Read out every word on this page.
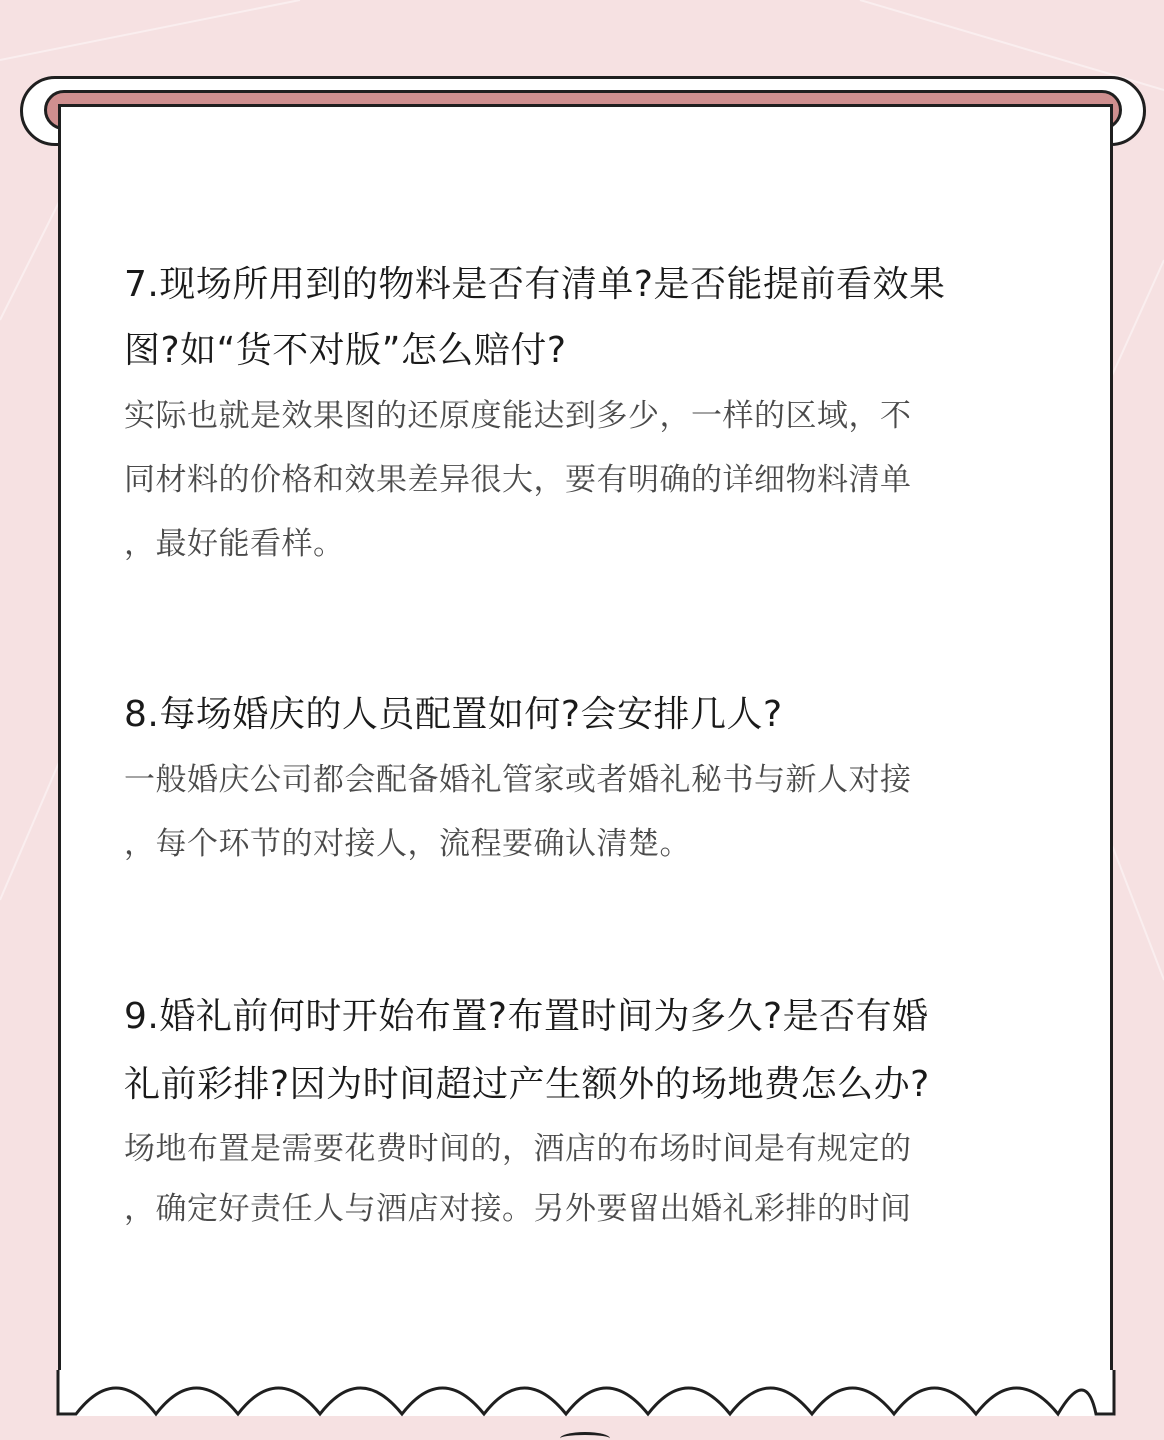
7.现场所用到的物料是否有清单?是否能提前看效果

图?如“货不对版”怎么赔付?

实际也就是效果图的还原度能达到多少，一样的区域，不

同材料的价格和效果差异很大，要有明确的详细物料清单

，最好能看样。

8.每场婚庆的人员配置如何?会安排几人?

一般婚庆公司都会配备婚礼管家或者婚礼秘书与新人对接

，每个环节的对接人，流程要确认清楚。

9.婚礼前何时开始布置?布置时间为多久?是否有婚

礼前彩排?因为时间超过产生额外的场地费怎么办?

场地布置是需要花费时间的，酒店的布场时间是有规定的

，确定好责任人与酒店对接。另外要留出婚礼彩排的时间
